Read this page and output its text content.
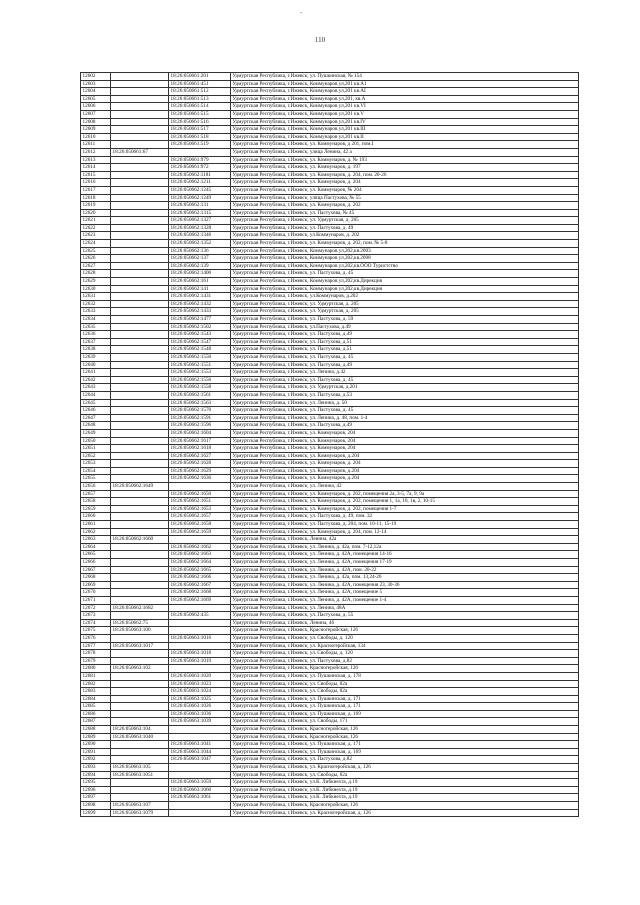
-
110
12602		18:26:050661:201	Удмуртская Республика, г.Ижевск, ул. Пушкинская, № 154
12603		18:26:050661:451	Удмуртская Республика, г.Ижевск, Коммунаров ул,201 кв.А1
12604		18:26:050661:512	Удмуртская Республика, г.Ижевск, Коммунаров ул,201 кв.АI
12605		18:26:050661:513	Удмуртская Республика, г.Ижевск, Коммунаров ул,201, кв.А
12606		18:26:050661:514	Удмуртская Республика, г.Ижевск, Коммунаров ул,201 кв.VI
12607		18:26:050661:515	Удмуртская Республика, г.Ижевск, Коммунаров ул,201 кв.V
12608		18:26:050661:516	Удмуртская Республика, г.Ижевск, Коммунаров ул,201 кв.IV
12609		18:26:050661:517	Удмуртская Республика, г.Ижевск, Коммунаров ул,201 кв.III
12610		18:26:050661:518	Удмуртская Республика, г.Ижевск, Коммунаров ул,201 кв.II
12611		18:26:050661:519	Удмуртская Республика, г.Ижевск, ул. Коммунаров, д 201, пом.I
12612	18:26:050661:67		Удмуртская Республика, г.Ижевск, улица Ленина, 42 а
12613		18:26:050661:979	Удмуртская Республика, г.Ижевск, ул. Коммунаров, д. № 193
12614		18:26:050661:972	Удмуртская Республика, г.Ижевск, ул. Коммунаров, д. 197
12615		18:26:050662:1181	Удмуртская Республика, г.Ижевск, ул. Коммунаров, д. 204, пом. 20-26
12616		18:26:050662:1211	Удмуртская Республика, г.Ижевск, ул. Коммунаров, д. 204
12617		18:26:050662:1245	Удмуртская Республика, г.Ижевск, ул. Коммунаров, № 204
12618		18:26:050662:1249	Удмуртская Республика, г.Ижевск, улица Пастухова, № 55
12619		18:26:050662:131	Удмуртская Республика, г.Ижевск, ул. Коммунаров, д. 202
12620		18:26:050662:1315	Удмуртская Республика, г.Ижевск, ул. Пастухова, № 45
12621		18:26:050662:1327	Удмуртская Республика, г.Ижевск, ул. Удмуртская, д. 205
12622		18:26:050662:1328	Удмуртская Республика, г.Ижевск, ул. Пастухова, д. 49
12623		18:26:050662:1346	Удмуртская Республика, г.Ижевск, ул.Коммунаров, д. 202
12624		18:26:050662:1352	Удмуртская Республика, г.Ижевск, ул. Коммунаров, д. 202, пом. № 5-8
12625		18:26:050662:136	Удмуртская Республика, г.Ижевск, Коммунаров ул,202,кв.2003
12626		18:26:050662:137	Удмуртская Республика, г.Ижевск, Коммунаров ул,202,кв.2008
12627		18:26:050662:139	Удмуртская Республика, г.Ижевск, Коммунаров ул,202,кв.ООО Туристство
12628		18:26:050662:1400	Удмуртская Республика, г.Ижевск, ул. Пастухова, д. 45
12629		18:26:050662:161	Удмуртская Республика, г.Ижевск, Коммунаров ул,202,кв.Дирекция
12630		18:26:050662:141	Удмуртская Республика, г.Ижевск, Коммунаров ул,202,кв.Дирекция
12631		18:26:050662:1431	Удмуртская Республика, г.Ижевск, ул.Коммунаров, д.202
12632		18:26:050662:1432	Удмуртская Республика, г.Ижевск, ул. Удмуртская, д. 205
12633		18:26:050662:1433	Удмуртская Республика, г.Ижевск, ул. Удмуртская, д. 205
12634		18:26:050662:1477	Удмуртская Республика, г.Ижевск, ул. Пастухова, д. 59
12635		18:26:050662:1502	Удмуртская Республика, г.Ижевск, ул.Пастухова, д.49
12636		18:26:050662:1543	Удмуртская Республика, г.Ижевск, ул. Пастухова, д.49
12637		18:26:050662:1547	Удмуртская Республика, г.Ижевск, ул. Пастухова, д.51
12638		18:26:050662:1548	Удмуртская Республика, г.Ижевск, ул. Пастухова, д.51
12639		18:26:050662:1550	Удмуртская Республика, г.Ижевск, ул. Пастухова, д. 45
12640		18:26:050662:1551	Удмуртская Республика, г.Ижевск, ул. Пастухова, д.49
12641		18:26:050662:1553	Удмуртская Республика, г.Ижевск, ул. Ленина, д.42
12642		18:26:050662:1556	Удмуртская Республика, г.Ижевск, ул. Пастухова, д. 45
12643		18:26:050662:1558	Удмуртская Республика, г.Ижевск, ул. Удмуртская, д.201
12644		18:26:050662:1561	Удмуртская Республика, г.Ижевск, ул. Пастухова, д.53
12645		18:26:050662:1563	Удмуртская Республика, г.Ижевск, ул. Ленина, д. 50
12646		18:26:050662:1570	Удмуртская Республика, г.Ижевск, ул. Пастухова, д. 45
12647		18:26:050662:1591	Удмуртская Республика, г.Ижевск, ул. Ленина, д. 48, пом. 1-4
12648		18:26:050662:1596	Удмуртская Республика, г.Ижевск, ул. Пастухова, д.49
12649		18:26:050662:1604	Удмуртская Республика, г.Ижевск, ул. Коммунаров, 204
12650		18:26:050662:1617	Удмуртская Республика, г.Ижевск, ул. Коммунаров, 204
12651		18:26:050662:1618	Удмуртская Республика, г.Ижевск, ул. Коммунаров, 204
12652		18:26:050662:1627	Удмуртская Республика, г.Ижевск, ул. Коммунаров, д.204
12653		18:26:050662:1628	Удмуртская Республика, г.Ижевск, ул. Коммунаров, д. 204
12654		18:26:050662:1629	Удмуртская Республика, г.Ижевск, ул. Коммунаров, д.204
12655		18:26:050662:1636	Удмуртская Республика, г.Ижевск, ул. Коммунаров, д.204
12656	18:26:050662:1649		Удмуртская Республика, г.Ижевск, ул. Ленина, 42
12657		18:26:050662:1650	Удмуртская Республика, г.Ижевск, ул. Коммунаров, д. 202, помещения 2а, 3-5, 7а, 9, 9а
12658		18:26:050662:1651	Удмуртская Республика, г.Ижевск, ул. Коммунаров, д. 202, помещения 1, 1а, 10, 1в, 2, 10-15
12659		18:26:050662:1653	Удмуртская Республика, г.Ижевск, ул. Коммунаров, д. 202, помещения 1-7
12660		18:26:050662:1657	Удмуртская Республика, г.Ижевск, ул. Пастухова, д. 49, пом. 32
12661		18:26:050662:1658	Удмуртская Республика, г.Ижевск, ул. Пастухова, д. 204, пом. 10-11, 15-19
12662		18:26:050662:1659	Удмуртская Республика, г.Ижевск, ул. Коммунаров, д. 204, пом. 12-14
12663	18:26:050662:1660		Удмуртская Республика, г.Ижевск, Ленина, 42а
12664		18:26:050662:1662	Удмуртская Республика, г.Ижевск, ул. Ленина, д. 42а, пом. 7-12,12а
12665		18:26:050662:1663	Удмуртская Республика, г.Ижевск, ул. Ленина, д. 42А, помещения 14-16
12666		18:26:050662:1664	Удмуртская Республика, г.Ижевск, ул. Ленина, д. 42А, помещения 17-19
12667		18:26:050662:1665	Удмуртская Республика, г.Ижевск, ул. Ленина, д. 42А, пом. 20-22
12668		18:26:050662:1666	Удмуртская Республика, г.Ижевск, ул. Ленина, д. 42а, пом. 13,24-26
12669		18:26:050662:1667	Удмуртская Республика, г.Ижевск, ул. Ленина, д. 42А, помещения 23, 30-36
12670		18:26:050662:1668	Удмуртская Республика, г.Ижевск, ул. Ленина, д. 42А, помещение 5
12671		18:26:050662:1669	Удмуртская Республика, г.Ижевск, ул. Ленина, д. 42А, помещение 1-4
12672	18:26:050662:1682		Удмуртская Республика, г.Ижевск, ул. Ленина, 48А
12673		18:26:050662:435	Удмуртская Республика, г.Ижевск, ул. Пастухова, д. 55
12674	18:26:050662:75		Удмуртская Республика, г.Ижевск, Ленина, 46
12675	18:26:050663:100		Удмуртская Республика, г.Ижевск, Красногеройская, 126
12676		18:26:050663:1016	Удмуртская Республика, г.Ижевск, ул. Свободы, д. 120
12677	18:26:050663:1017		Удмуртская Республика, г.Ижевск, ул. Красногеройская, 134
12678		18:26:050663:1018	Удмуртская Республика, г.Ижевск, ул. Свободы, д. 120
12679		18:26:050663:1019	Удмуртская Республика, г.Ижевск, ул. Пастухова, д.82
12680	18:26:050663:102		Удмуртская Республика, г.Ижевск, Красногеройская, 126
12681		18:26:050663:1020	Удмуртская Республика, г.Ижевск, ул. Пушкинская, д. 178
12682		18:26:050663:1023	Удмуртская Республика, г.Ижевск, ул. Свободы, 82а
12683		18:26:050663:1024	Удмуртская Республика, г.Ижевск, ул. Свободы, 82а
12684		18:26:050663:1025	Удмуртская Республика, г.Ижевск, ул. Пушкинская, д. 171
12685		18:26:050663:1026	Удмуртская Республика, г.Ижевск, ул. Пушкинская, д. 171
12686		18:26:050663:1036	Удмуртская Республика, г.Ижевск, ул. Пушкинская, д. 169
12687		18:26:050663:1039	Удмуртская Республика, г.Ижевск, ул. Свободы, 171
12688	18:26:050663:104		Удмуртская Республика, г.Ижевск, Красногеройская, 126
12689	18:26:050663:1040		Удмуртская Республика, г.Ижевск, Красногеройская, 126
12690		18:26:050663:1041	Удмуртская Республика, г.Ижевск, ул. Пушкинская, д. 171
12691		18:26:050663:1044	Удмуртская Республика, г.Ижевск, ул. Пушкинская, д. 169
12692		18:26:050663:1047	Удмуртская Республика, г.Ижевск, ул. Пастухова, д.82
12693	18:26:050663:105		Удмуртская Республика, г.Ижевск, ул. Красногеройская, д. 126
12694	18:26:050663:1051		Удмуртская Республика, г.Ижевск, ул. Свободы, 82а
12695		18:26:050663:1059	Удмуртская Республика, г.Ижевск, ул.К. Либкнехта, д.19
12696		18:26:050663:1060	Удмуртская Республика, г.Ижевск, ул.К. Либкнехта, д.19
12697		18:26:050663:1061	Удмуртская Республика, г.Ижевск, ул.К. Либкнехта, д.19
12698	18:26:050663:107		Удмуртская Республика, г.Ижевск, Красногеройская, 126
12699	18:26:050663:1079		Удмуртская Республика, г.Ижевск, ул. Красногеройская, д. 126
